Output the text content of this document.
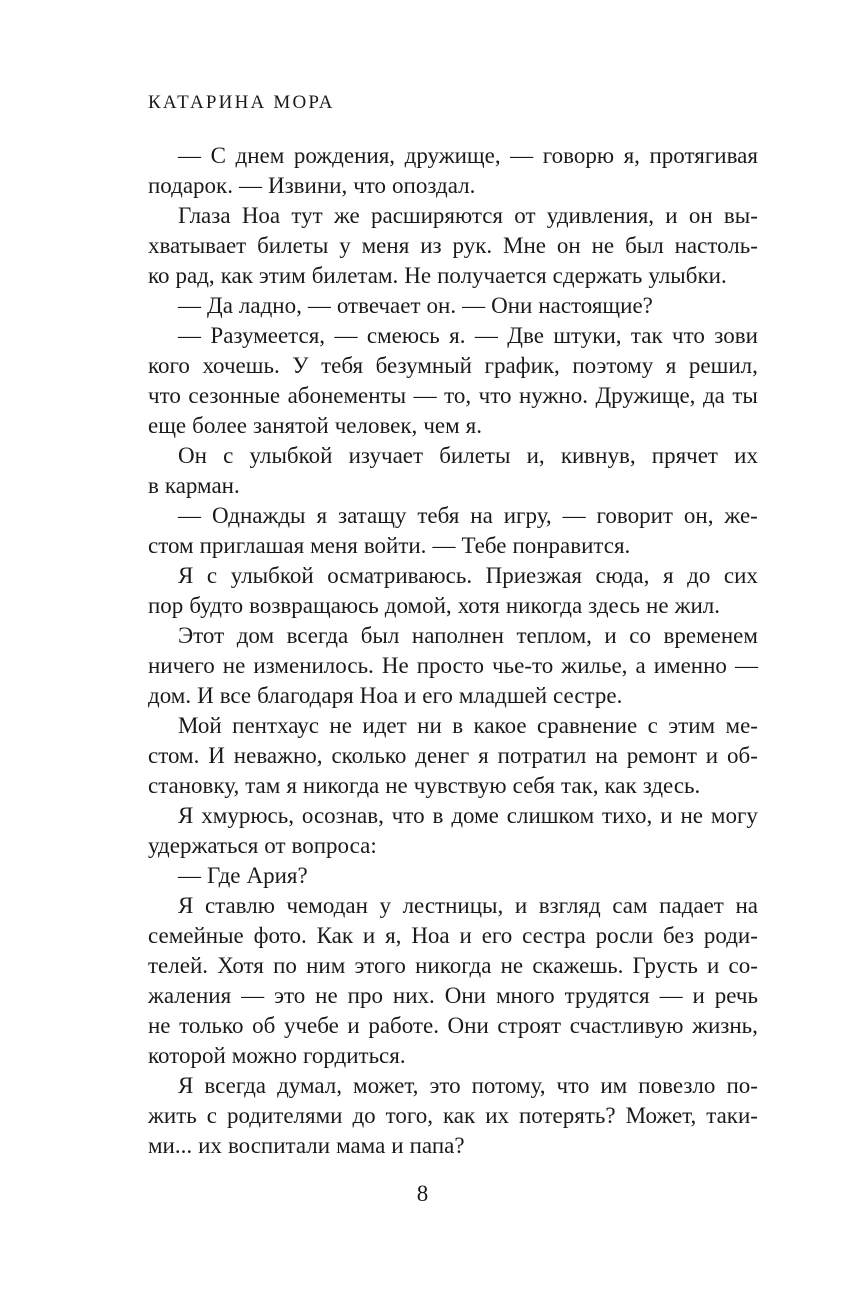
КАТАРИНА МОРА
— С днем рождения, дружище, — говорю я, протягивая
подарок. — Извини, что опоздал.
Глаза Ноа тут же расширяются от удивления, и он вы-
хватывает билеты у меня из рук. Мне он не был настоль-
ко рад, как этим билетам. Не получается сдержать улыбки.
— Да ладно, — отвечает он. — Они настоящие?
— Разумеется, — смеюсь я. — Две штуки, так что зови
кого хочешь. У тебя безумный график, поэтому я решил,
что сезонные абонементы — то, что нужно. Дружище, да ты
еще более занятой человек, чем я.
Он с улыбкой изучает билеты и, кивнув, прячет их
в карман.
— Однажды я затащу тебя на игру, — говорит он, же-
стом приглашая меня войти. — Тебе понравится.
Я с улыбкой осматриваюсь. Приезжая сюда, я до сих
пор будто возвращаюсь домой, хотя никогда здесь не жил.
Этот дом всегда был наполнен теплом, и со временем
ничего не изменилось. Не просто чье-то жилье, а именно —
дом. И все благодаря Ноа и его младшей сестре.
Мой пентхаус не идет ни в какое сравнение с этим ме-
стом. И неважно, сколько денег я потратил на ремонт и об-
становку, там я никогда не чувствую себя так, как здесь.
Я хмурюсь, осознав, что в доме слишком тихо, и не могу
удержаться от вопроса:
— Где Ария?
Я ставлю чемодан у лестницы, и взгляд сам падает на
семейные фото. Как и я, Ноа и его сестра росли без роди-
телей. Хотя по ним этого никогда не скажешь. Грусть и со-
жаления — это не про них. Они много трудятся — и речь
не только об учебе и работе. Они строят счастливую жизнь,
которой можно гордиться.
Я всегда думал, может, это потому, что им повезло по-
жить с родителями до того, как их потерять? Может, таки-
ми... их воспитали мама и папа?
8
